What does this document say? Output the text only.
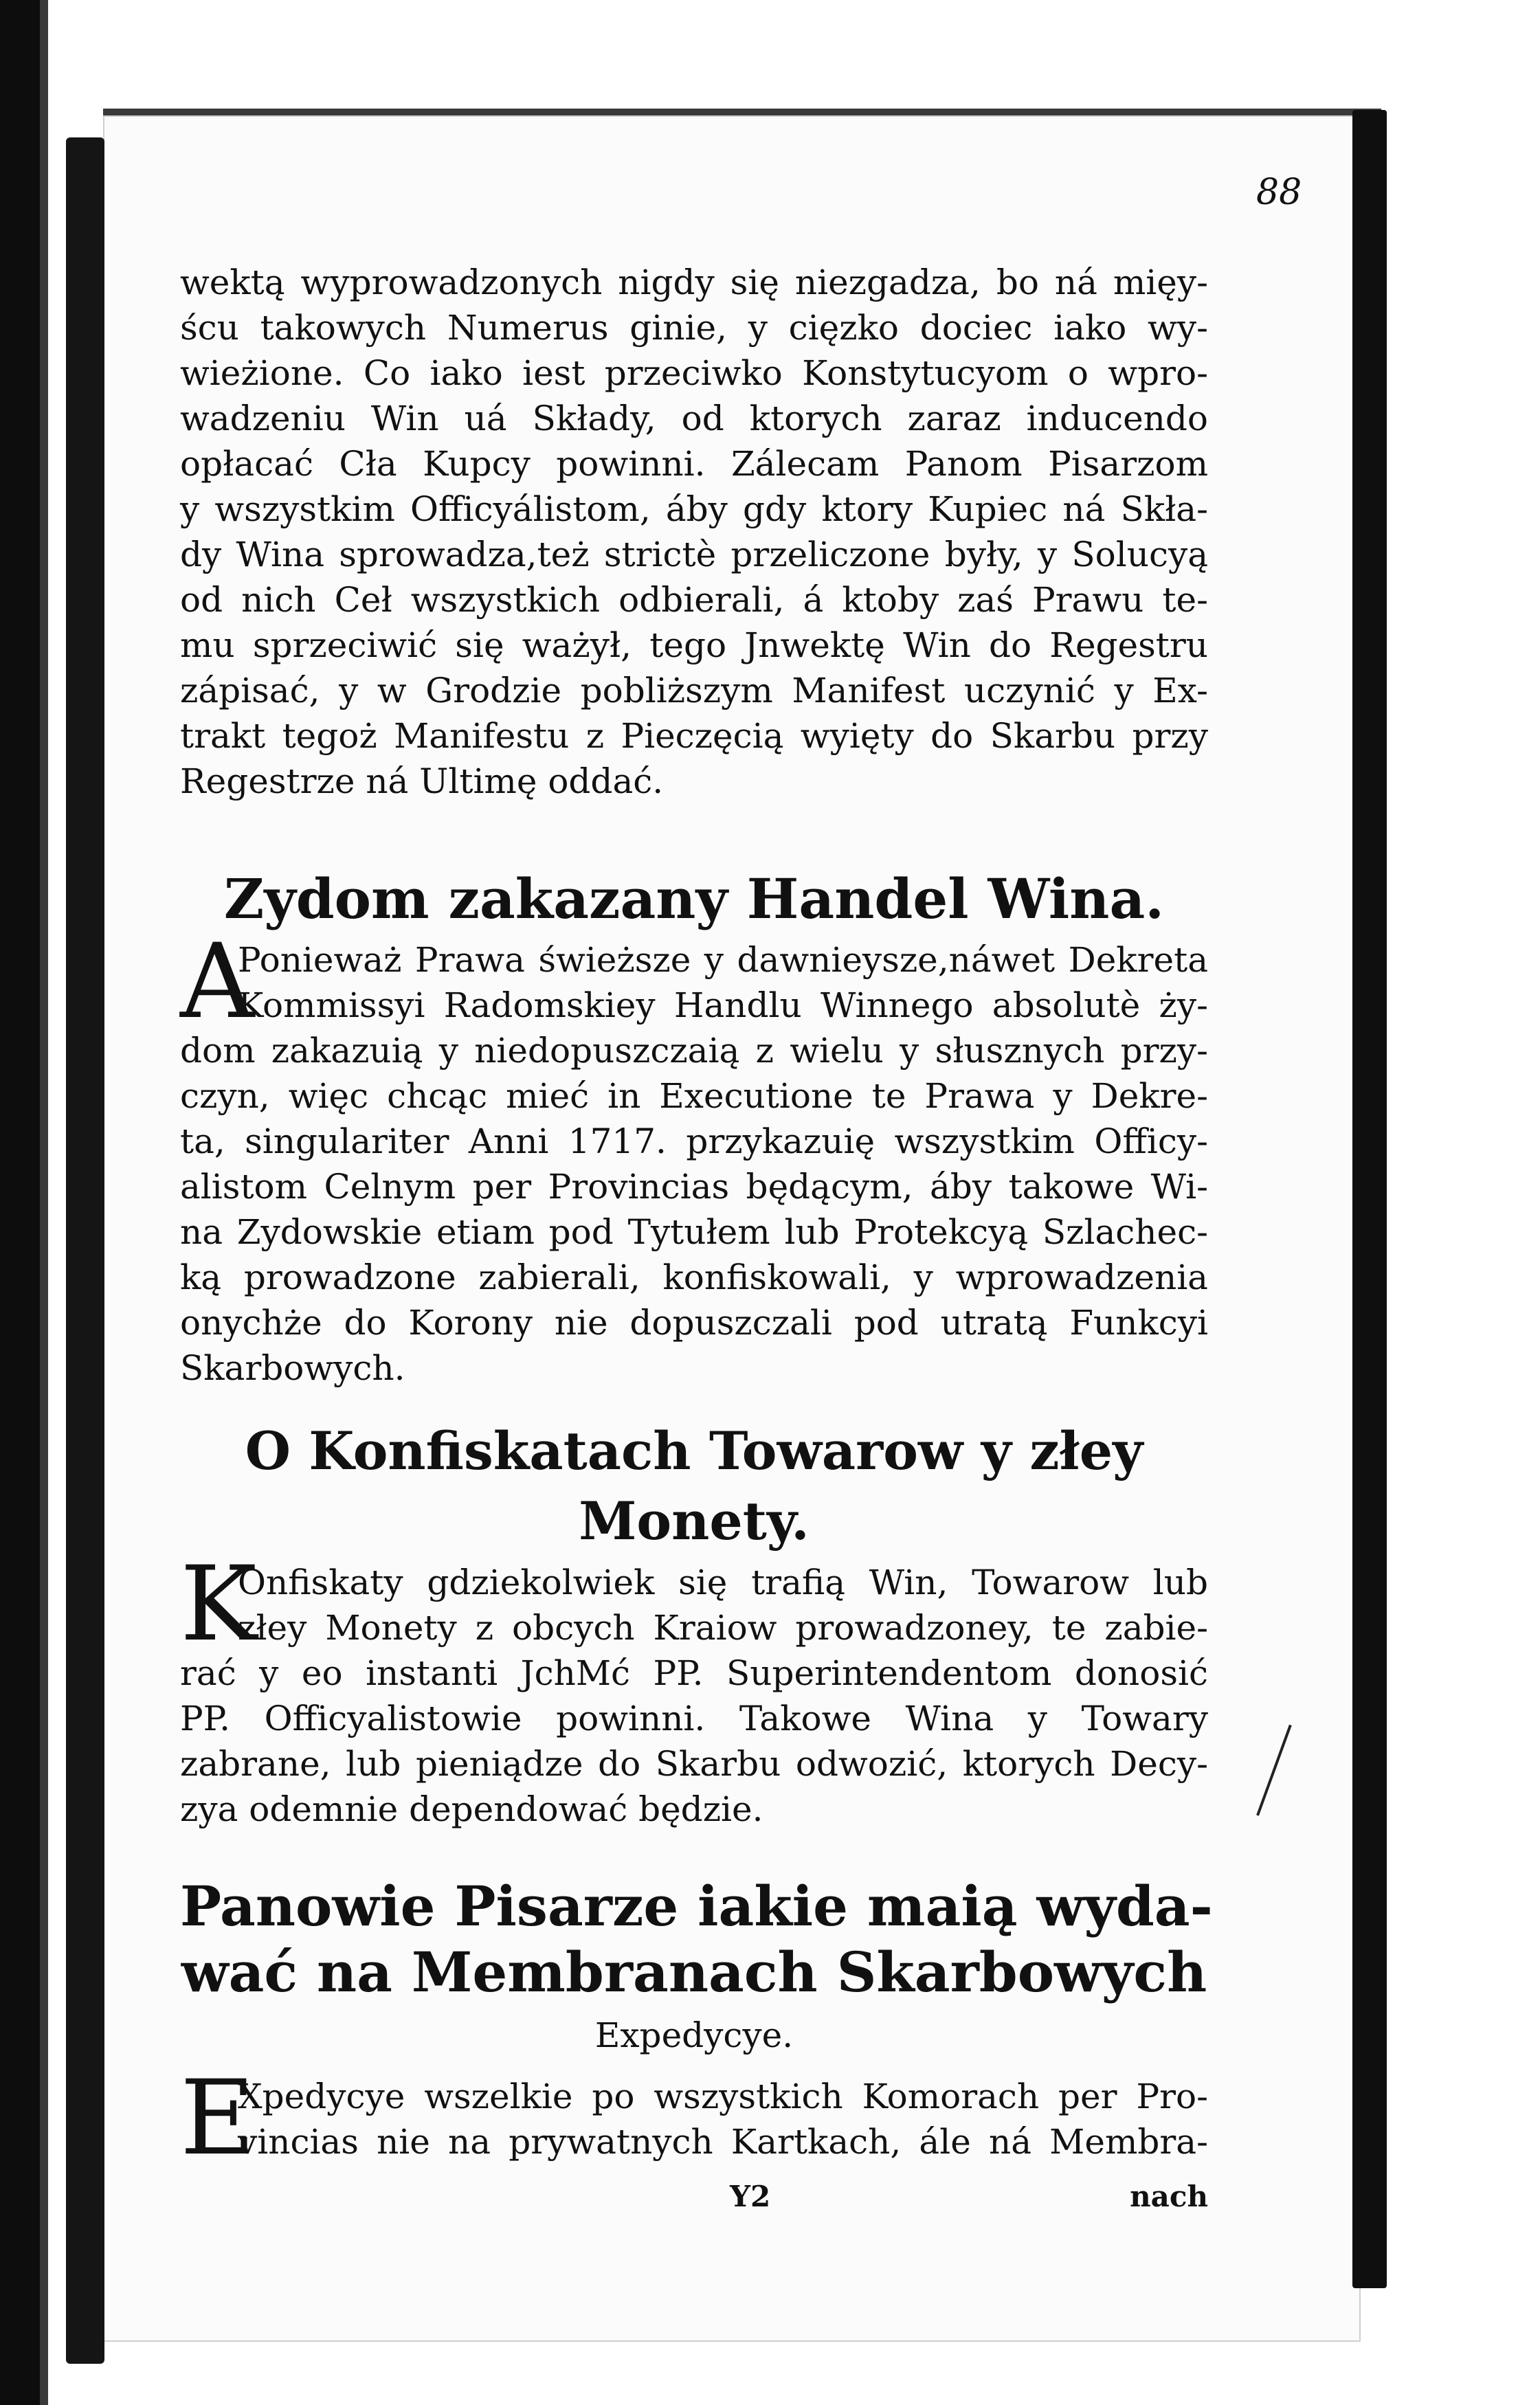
88
wektą wyprowadzonych nigdy się niezgadza, bo ná mięy-
ścu takowych Numerus ginie, y cięzko dociec iako wy-
wieżione. Co iako iest przeciwko Konstytucyom o wpro-
wadzeniu Win uá Składy, od ktorych zaraz inducendo
opłacać Cła Kupcy powinni. Zálecam Panom Pisarzom
y wszystkim Officyálistom, áby gdy ktory Kupiec ná Skła-
dy Wina sprowadza,też strictè przeliczone były, y Solucyą
od nich Ceł wszystkich odbierali, á ktoby zaś Prawu te-
mu sprzeciwić się ważył, tego Jnwektę Win do Regestru
zápisać, y w Grodzie pobliższym Manifest uczynić y Ex-
trakt tegoż Manifestu z Pieczęcią wyięty do Skarbu przy
Regestrze ná Ultimę oddać.
Zydom zakazany Handel Wina.
A
Ponieważ Prawa świeższe y dawnieysze,náwet Dekreta
Kommissyi Radomskiey Handlu Winnego absolutè ży-
dom zakazuią y niedopuszczaią z wielu y słusznych przy-
czyn, więc chcąc mieć in Executione te Prawa y Dekre-
ta, singulariter Anni 1717. przykazuię wszystkim Officy-
alistom Celnym per Provincias będącym, áby takowe Wi-
na Zydowskie etiam pod Tytułem lub Protekcyą Szlachec-
ką prowadzone zabierali, konfiskowali, y wprowadzenia
onychże do Korony nie dopuszczali pod utratą Funkcyi
Skarbowych.
O Konfiskatach Towarow y złey
Monety.
K
Onfiskaty gdziekolwiek się trafią Win, Towarow lub
złey Monety z obcych Kraiow prowadzoney, te zabie-
rać y eo instanti JchMć PP. Superintendentom donosić
PP. Officyalistowie powinni. Takowe Wina y Towary
zabrane, lub pieniądze do Skarbu odwozić, ktorych Decy-
zya odemnie dependować będzie.
Panowie Pisarze iakie maią wyda-
wać na Membranach Skarbowych
Expedycye.
E
Xpedycye wszelkie po wszystkich Komorach per Pro-
vincias nie na prywatnych Kartkach, ále ná Membra-
Y2	nach
